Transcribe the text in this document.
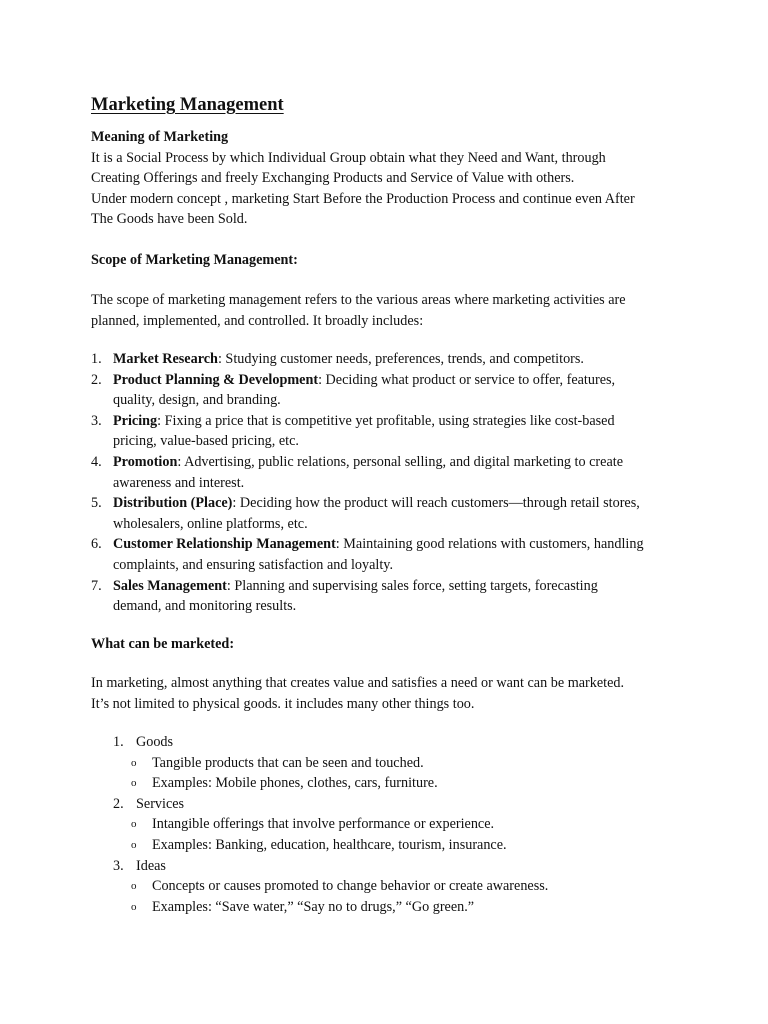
Marketing Management

Meaning of Marketing

It is a Social Process by which Individual Group obtain what they Need and Want, through

Creating Offerings and freely Exchanging Products and Service of Value with others.

Under modern concept , marketing Start Before the Production Process and continue even After

The Goods have been Sold.

Scope of Marketing Management:

The scope of marketing management refers to the various areas where marketing activities are

planned, implemented, and controlled. It broadly includes:

1. Market Research: Studying customer needs, preferences, trends, and competitors.
2. Product Planning & Development: Deciding what product or service to offer, features,
quality, design, and branding.
3. Pricing: Fixing a price that is competitive yet profitable, using strategies like cost-based
pricing, value-based pricing, etc.
4. Promotion: Advertising, public relations, personal selling, and digital marketing to create
awareness and interest.
5. Distribution (Place): Deciding how the product will reach customers—through retail stores,
wholesalers, online platforms, etc.
6. Customer Relationship Management: Maintaining good relations with customers, handling
complaints, and ensuring satisfaction and loyalty.
7. Sales Management: Planning and supervising sales force, setting targets, forecasting
demand, and monitoring results.

What can be marketed:

In marketing, almost anything that creates value and satisfies a need or want can be marketed.

It’s not limited to physical goods. it includes many other things too.

1. Goods
o Tangible products that can be seen and touched.
o Examples: Mobile phones, clothes, cars, furniture.
2. Services
o Intangible offerings that involve performance or experience.
o Examples: Banking, education, healthcare, tourism, insurance.
3. Ideas
o Concepts or causes promoted to change behavior or create awareness.
o Examples: “Save water,” “Say no to drugs,” “Go green.”
